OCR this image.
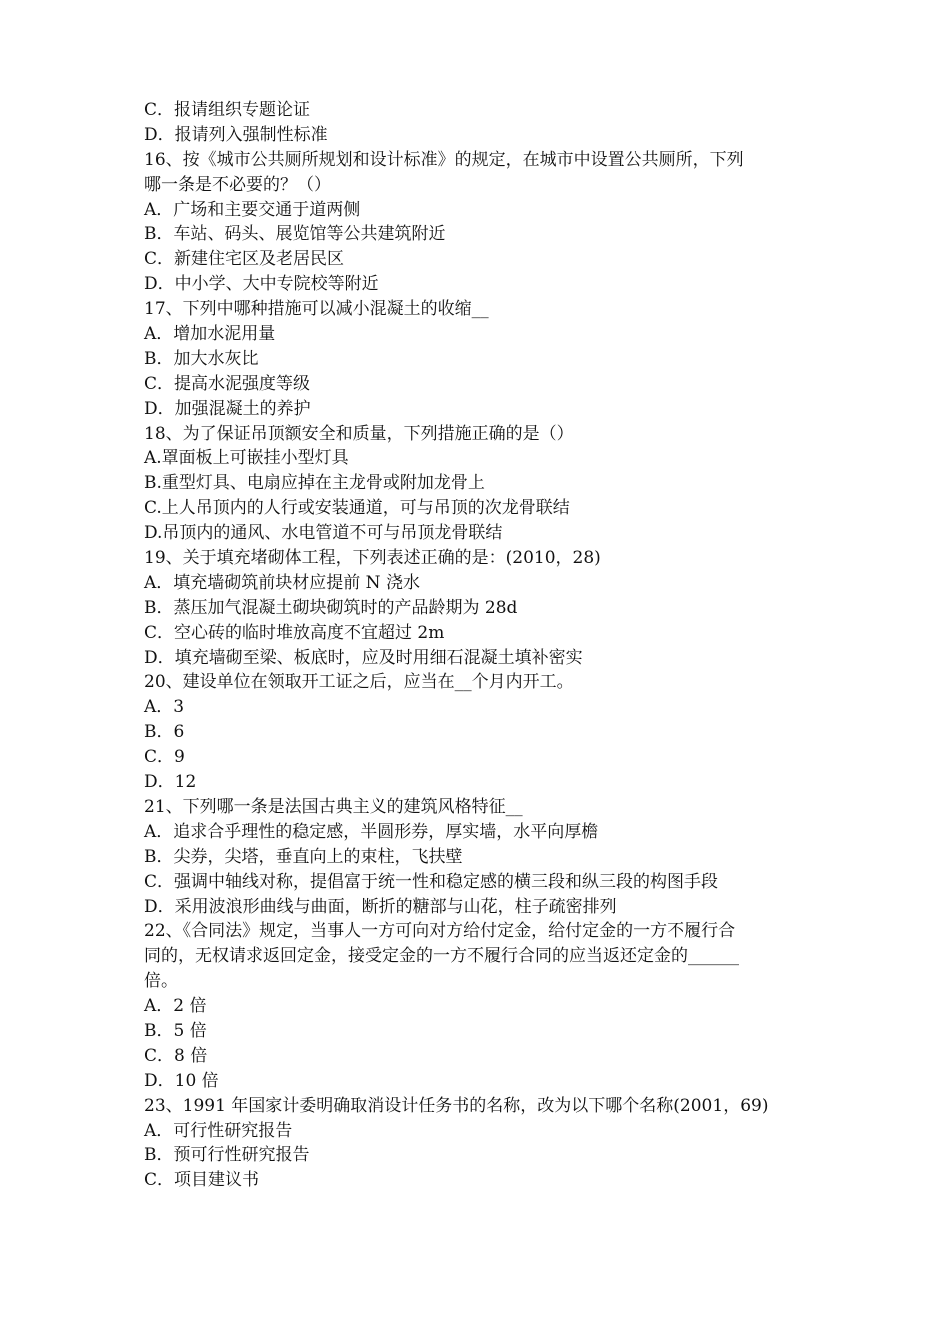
C．报请组织专题论证
D．报请列入强制性标准
16、按《城市公共厕所规划和设计标准》的规定，在城市中设置公共厕所，下列
哪一条是不必要的？（）
A．广场和主要交通于道两侧
B．车站、码头、展览馆等公共建筑附近
C．新建住宅区及老居民区
D．中小学、大中专院校等附近
17、下列中哪种措施可以减小混凝土的收缩__
A．增加水泥用量
B．加大水灰比
C．提高水泥强度等级
D．加强混凝土的养护
18、为了保证吊顶额安全和质量，下列措施正确的是（）
A.罩面板上可嵌挂小型灯具
B.重型灯具、电扇应掉在主龙骨或附加龙骨上
C.上人吊顶内的人行或安装通道，可与吊顶的次龙骨联结
D.吊顶内的通风、水电管道不可与吊顶龙骨联结
19、关于填充堵砌体工程，下列表述正确的是：(2010，28)
A．填充墙砌筑前块材应提前 N 浇水
B．蒸压加气混凝土砌块砌筑时的产品龄期为 28d
C．空心砖的临时堆放高度不宜超过 2m
D．填充墙砌至梁、板底时，应及时用细石混凝土填补密实
20、建设单位在领取开工证之后，应当在__个月内开工。
A．3
B．6
C．9
D．12
21、下列哪一条是法国古典主义的建筑风格特征__
A．追求合乎理性的稳定感，半圆形券，厚实墙，水平向厚檐
B．尖券，尖塔，垂直向上的束柱，飞扶壁
C．强调中轴线对称，提倡富于统一性和稳定感的横三段和纵三段的构图手段
D．采用波浪形曲线与曲面，断折的糖部与山花，柱子疏密排列
22、《合同法》规定，当事人一方可向对方给付定金，给付定金的一方不履行合
同的，无权请求返回定金，接受定金的一方不履行合同的应当返还定金的______
倍。
A．2 倍
B．5 倍
C．8 倍
D．10 倍
23、1991 年国家计委明确取消设计任务书的名称，改为以下哪个名称(2001，69)
A．可行性研究报告
B．预可行性研究报告
C．项目建议书
